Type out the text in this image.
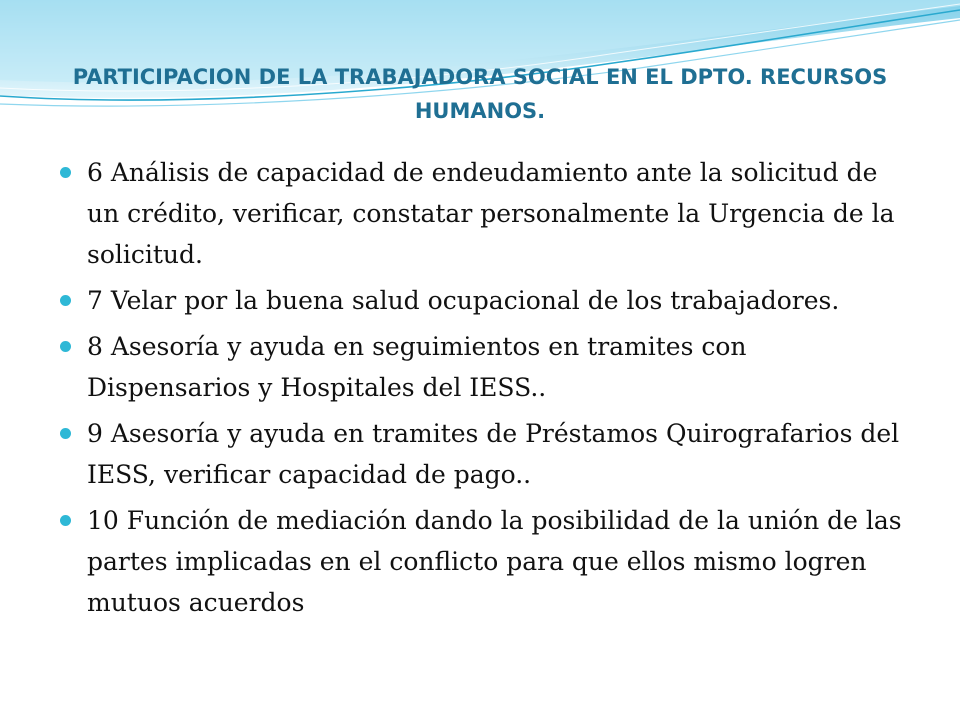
PARTICIPACION DE LA TRABAJADORA SOCIAL EN EL DPTO. RECURSOS HUMANOS.
6 Análisis de capacidad de endeudamiento ante la solicitud de un crédito, verificar, constatar personalmente la Urgencia de la solicitud.
7 Velar por la buena salud ocupacional de los trabajadores.
8 Asesoría y ayuda en seguimientos en tramites con Dispensarios y Hospitales del IESS..
9 Asesoría y ayuda en tramites de Préstamos Quirografarios del IESS, verificar capacidad de pago..
10 Función de mediación dando la posibilidad de la unión de las partes implicadas en el conflicto para que ellos mismo logren mutuos acuerdos
